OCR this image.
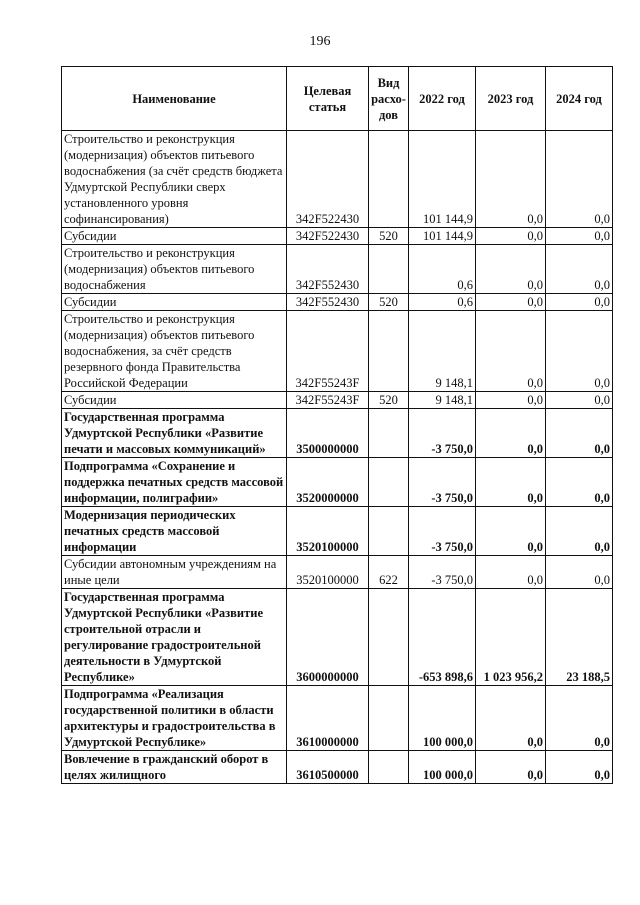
196
Наименование	Целевая статья	Вид расхо-дов	2022 год	2023 год	2024 год
Строительство и реконструкция (модернизация) объектов питьевого водоснабжения (за счёт средств бюджета Удмуртской Республики сверх установленного уровня софинансирования)	342F522430		101 144,9	0,0	0,0
Субсидии	342F522430	520	101 144,9	0,0	0,0
Строительство и реконструкция (модернизация) объектов питьевого водоснабжения	342F552430		0,6	0,0	0,0
Субсидии	342F552430	520	0,6	0,0	0,0
Строительство и реконструкция (модернизация) объектов питьевого водоснабжения, за счёт средств резервного фонда Правительства Российской Федерации	342F55243F		9 148,1	0,0	0,0
Субсидии	342F55243F	520	9 148,1	0,0	0,0
Государственная программа Удмуртской Республики «Развитие печати и массовых коммуникаций»	3500000000		-3 750,0	0,0	0,0
Подпрограмма «Сохранение и поддержка печатных средств массовой информации, полиграфии»	3520000000		-3 750,0	0,0	0,0
Модернизация периодических печатных средств массовой информации	3520100000		-3 750,0	0,0	0,0
Субсидии автономным учреждениям на иные цели	3520100000	622	-3 750,0	0,0	0,0
Государственная программа Удмуртской Республики «Развитие строительной отрасли и регулирование градостроительной деятельности в Удмуртской Республике»	3600000000		-653 898,6	1 023 956,2	23 188,5
Подпрограмма «Реализация государственной политики в области архитектуры и градостроительства в Удмуртской Республике»	3610000000		100 000,0	0,0	0,0
Вовлечение в гражданский оборот в целях жилищного	3610500000		100 000,0	0,0	0,0
